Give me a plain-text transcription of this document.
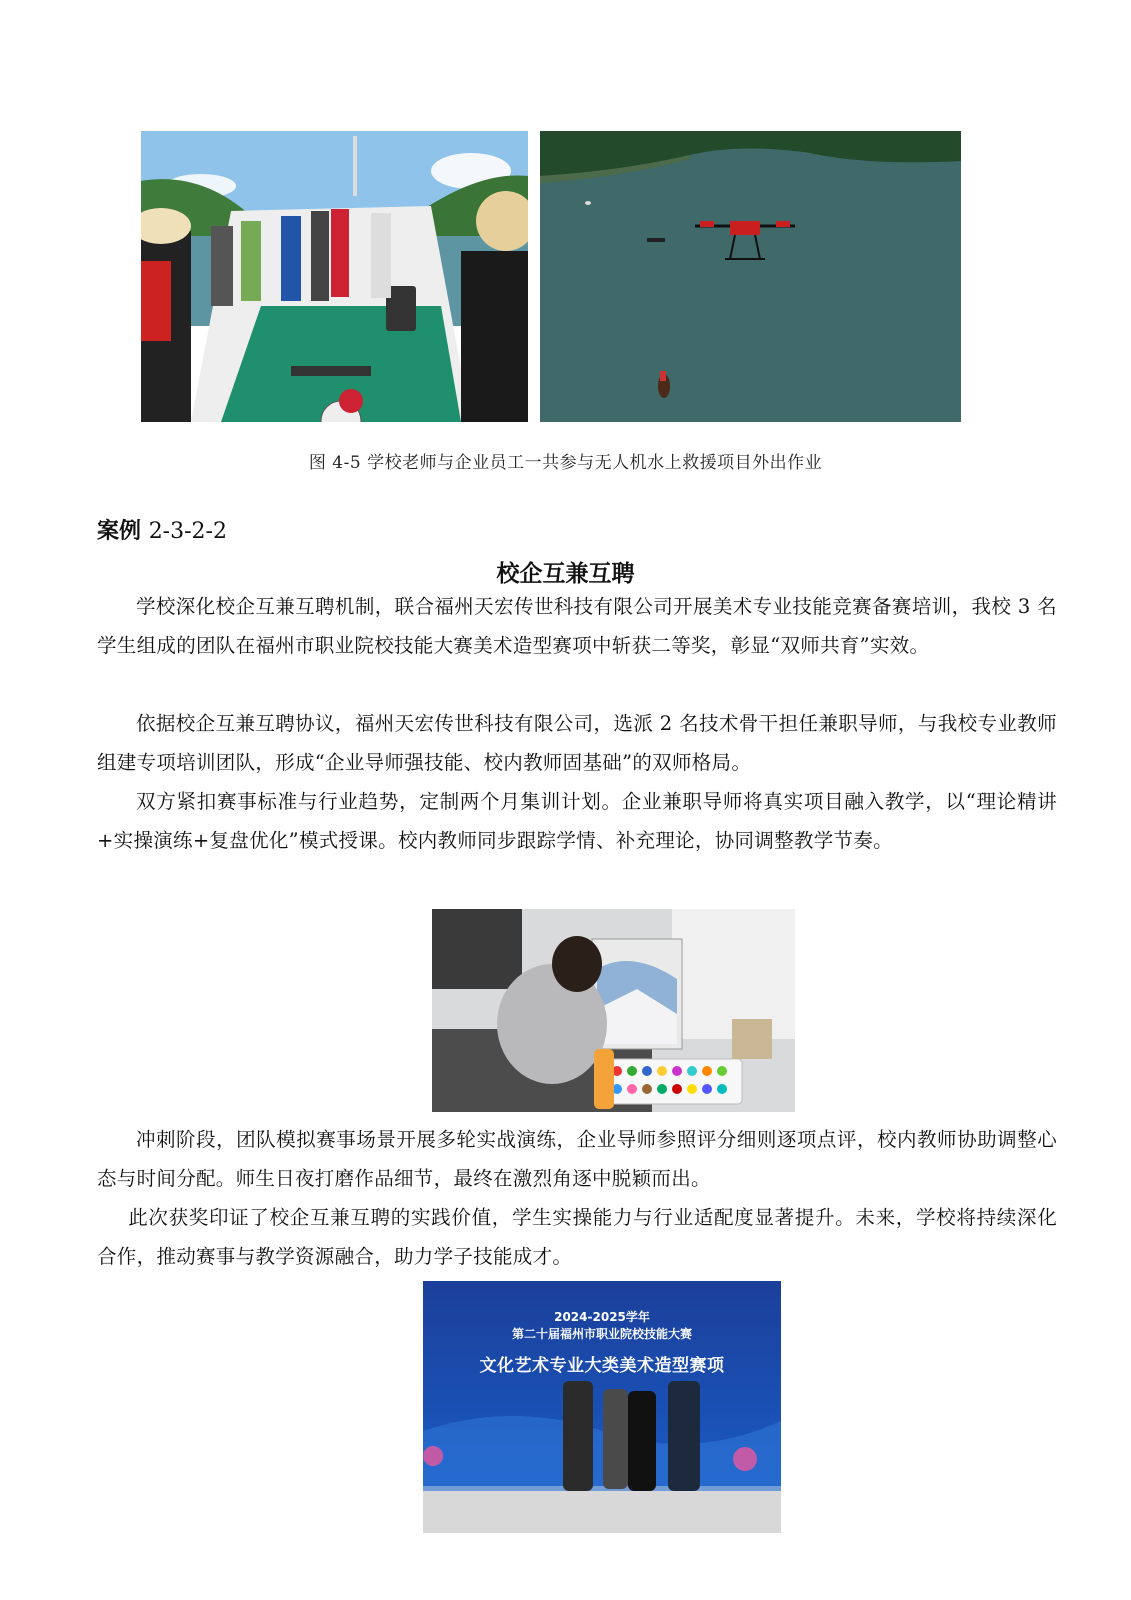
图 4-5 学校老师与企业员工一共参与无人机水上救援项目外出作业
案例 2-3-2-2
校企互兼互聘

学校深化校企互兼互聘机制，联合福州天宏传世科技有限公司开展美术专业技能竞赛备赛培训，我校 3 名学生组成的团队在福州市职业院校技能大赛美术造型赛项中斩获二等奖，彰显“双师共育”实效。

依据校企互兼互聘协议，福州天宏传世科技有限公司，选派 2 名技术骨干担任兼职导师，与我校专业教师组建专项培训团队，形成“企业导师强技能、校内教师固基础”的双师格局。

双方紧扣赛事标准与行业趋势，定制两个月集训计划。企业兼职导师将真实项目融入教学，以“理论精讲+实操演练+复盘优化”模式授课。校内教师同步跟踪学情、补充理论，协同调整教学节奏。

冲刺阶段，团队模拟赛事场景开展多轮实战演练，企业导师参照评分细则逐项点评，校内教师协助调整心态与时间分配。师生日夜打磨作品细节，最终在激烈角逐中脱颖而出。

此次获奖印证了校企互兼互聘的实践价值，学生实操能力与行业适配度显著提升。未来，学校将持续深化合作，推动赛事与教学资源融合，助力学子技能成才。

2024-2025学年
第二十届福州市职业院校技能大赛
文化艺术专业大类美术造型赛项
